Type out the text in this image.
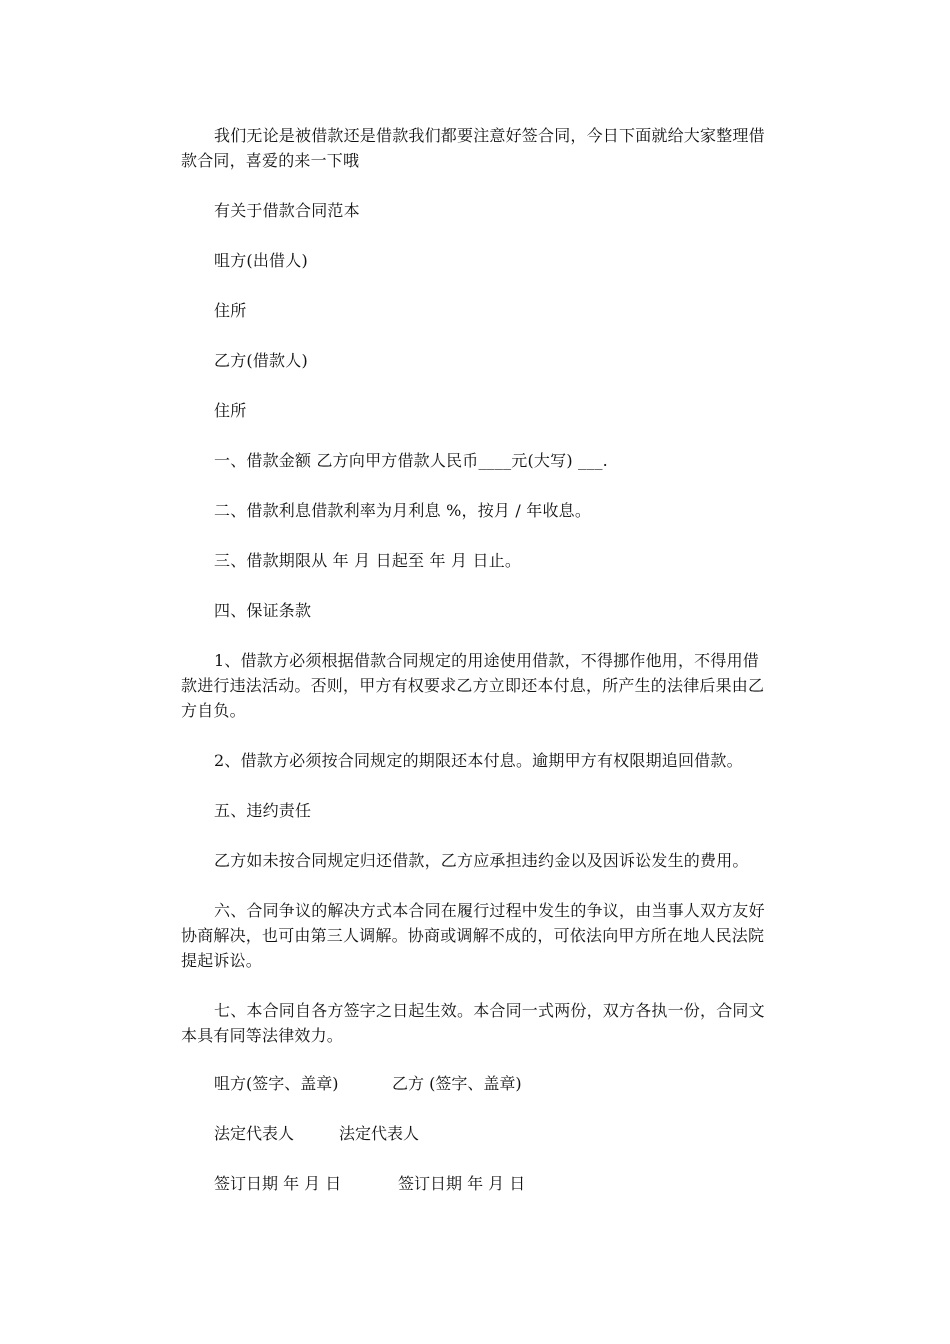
我们无论是被借款还是借款我们都要注意好签合同，今日下面就给大家整理借款合同，喜爱的来一下哦

有关于借款合同范本

咀方(出借人)

住所

乙方(借款人)

住所

一、借款金额 乙方向甲方借款人民币____元(大写) ___.

二、借款利息借款利率为月利息 %，按月 / 年收息。

三、借款期限从 年 月 日起至 年 月 日止。

四、保证条款

1、借款方必须根据借款合同规定的用途使用借款，不得挪作他用，不得用借款进行违法活动。否则，甲方有权要求乙方立即还本付息，所产生的法律后果由乙方自负。

2、借款方必须按合同规定的期限还本付息。逾期甲方有权限期追回借款。

五、违约责任

乙方如未按合同规定归还借款，乙方应承担违约金以及因诉讼发生的费用。

六、合同争议的解决方式本合同在履行过程中发生的争议，由当事人双方友好协商解决，也可由第三人调解。协商或调解不成的，可依法向甲方所在地人民法院提起诉讼。

七、本合同自各方签字之日起生效。本合同一式两份，双方各执一份，合同文本具有同等法律效力。

咀方(签字、盖章)	乙方 (签字、盖章)
法定代表人	法定代表人
签订日期 年 月 日	签订日期 年 月 日
